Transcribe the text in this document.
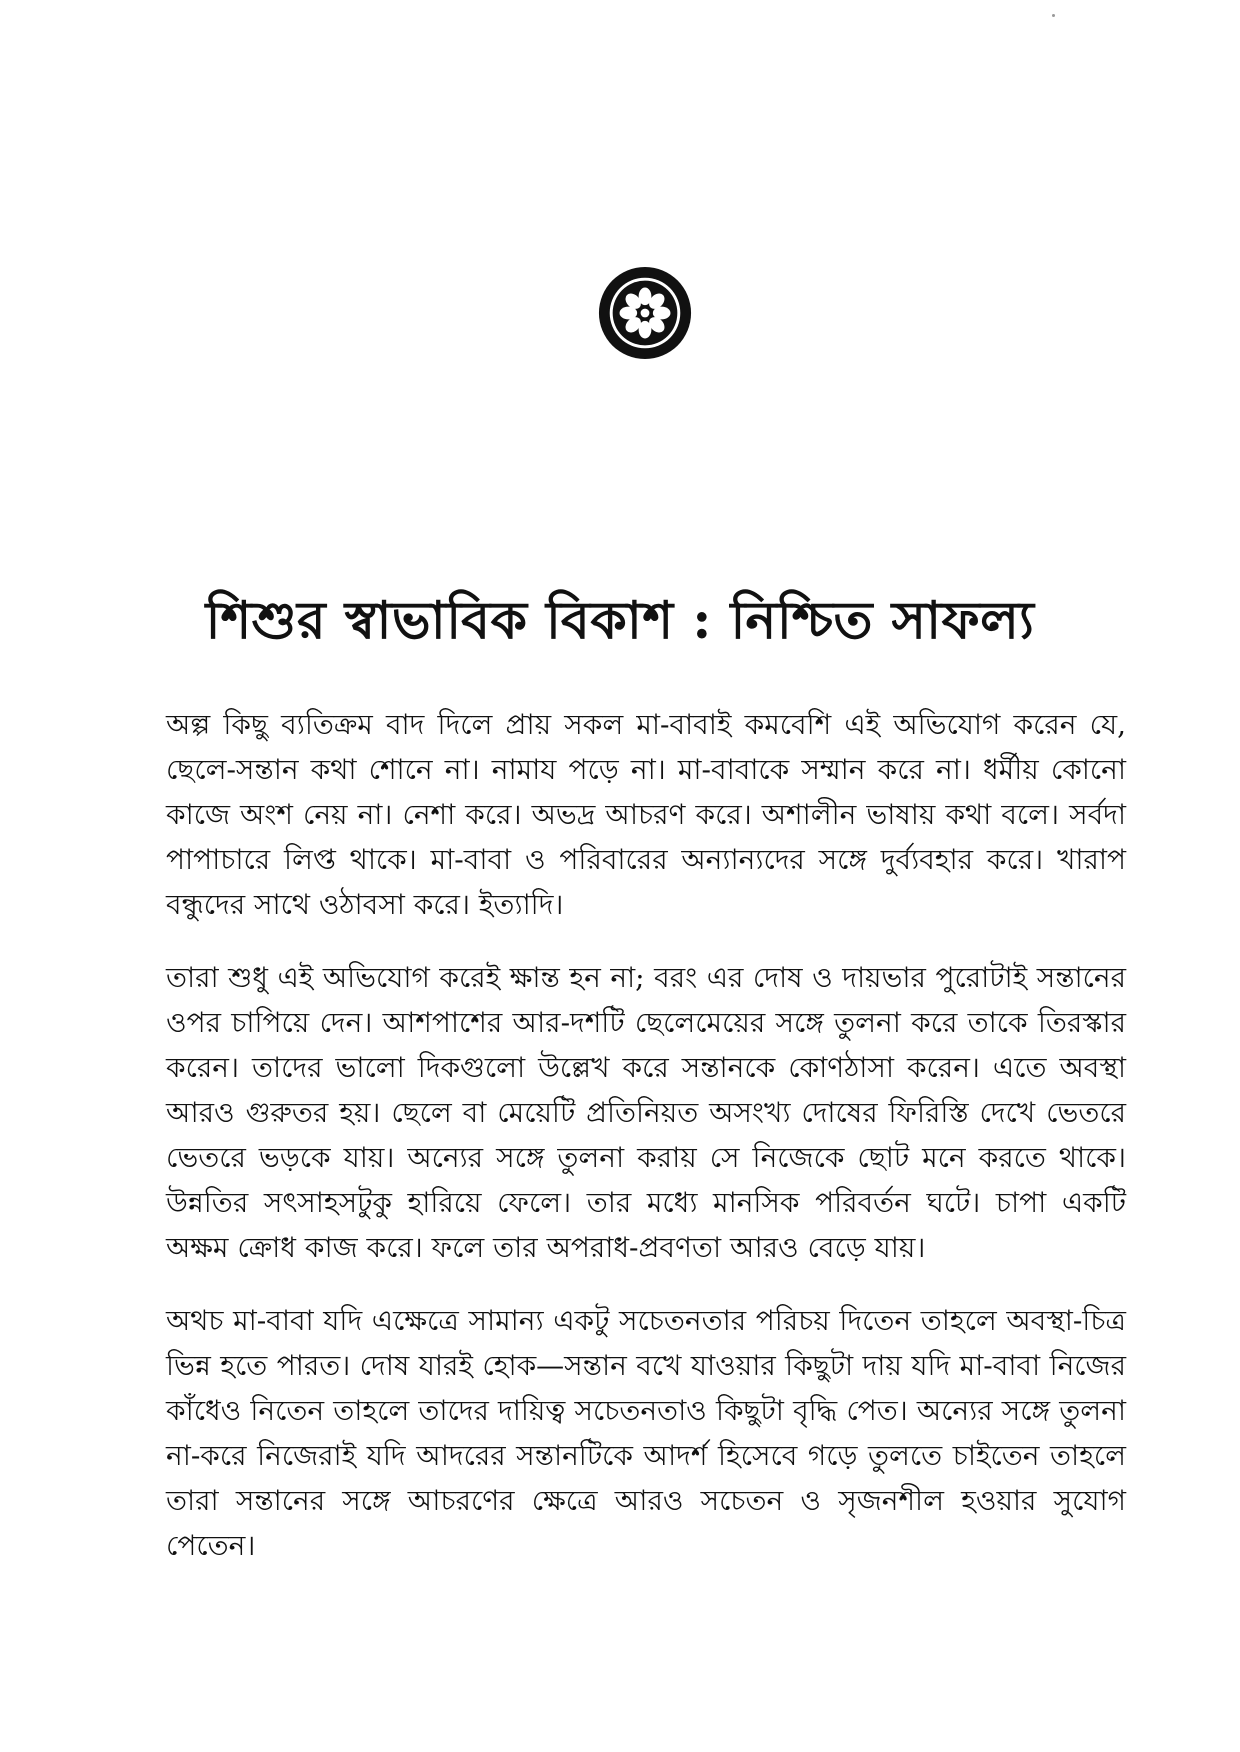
শিশুর স্বাভাবিক বিকাশ : নিশ্চিত সাফল্য

অল্প কিছু ব্যতিক্রম বাদ দিলে প্রায় সকল মা-বাবাই কমবেশি এই অভিযোগ করেন যে, ছেলে-সন্তান কথা শোনে না। নামায পড়ে না। মা-বাবাকে সম্মান করে না। ধর্মীয় কোনো কাজে অংশ নেয় না। নেশা করে। অভদ্র আচরণ করে। অশালীন ভাষায় কথা বলে। সর্বদা পাপাচারে লিপ্ত থাকে। মা-বাবা ও পরিবারের অন্যান্যদের সঙ্গে দুর্ব্যবহার করে। খারাপ বন্ধুদের সাথে ওঠাবসা করে। ইত্যাদি।

তারা শুধু এই অভিযোগ করেই ক্ষান্ত হন না; বরং এর দোষ ও দায়ভার পুরোটাই সন্তানের ওপর চাপিয়ে দেন। আশপাশের আর-দশটি ছেলেমেয়ের সঙ্গে তুলনা করে তাকে তিরস্কার করেন। তাদের ভালো দিকগুলো উল্লেখ করে সন্তানকে কোণঠাসা করেন। এতে অবস্থা আরও গুরুতর হয়। ছেলে বা মেয়েটি প্রতিনিয়ত অসংখ্য দোষের ফিরিস্তি দেখে ভেতরে ভেতরে ভড়কে যায়। অন্যের সঙ্গে তুলনা করায় সে নিজেকে ছোট মনে করতে থাকে। উন্নতির সৎসাহসটুকু হারিয়ে ফেলে। তার মধ্যে মানসিক পরিবর্তন ঘটে। চাপা একটি অক্ষম ক্রোধ কাজ করে। ফলে তার অপরাধ-প্রবণতা আরও বেড়ে যায়।

অথচ মা-বাবা যদি এক্ষেত্রে সামান্য একটু সচেতনতার পরিচয় দিতেন তাহলে অবস্থা-চিত্র ভিন্ন হতে পারত। দোষ যারই হোক—সন্তান বখে যাওয়ার কিছুটা দায় যদি মা-বাবা নিজের কাঁধেও নিতেন তাহলে তাদের দায়িত্ব সচেতনতাও কিছুটা বৃদ্ধি পেত। অন্যের সঙ্গে তুলনা না-করে নিজেরাই যদি আদরের সন্তানটিকে আদর্শ হিসেবে গড়ে তুলতে চাইতেন তাহলে তারা সন্তানের সঙ্গে আচরণের ক্ষেত্রে আরও সচেতন ও সৃজনশীল হওয়ার সুযোগ পেতেন।
